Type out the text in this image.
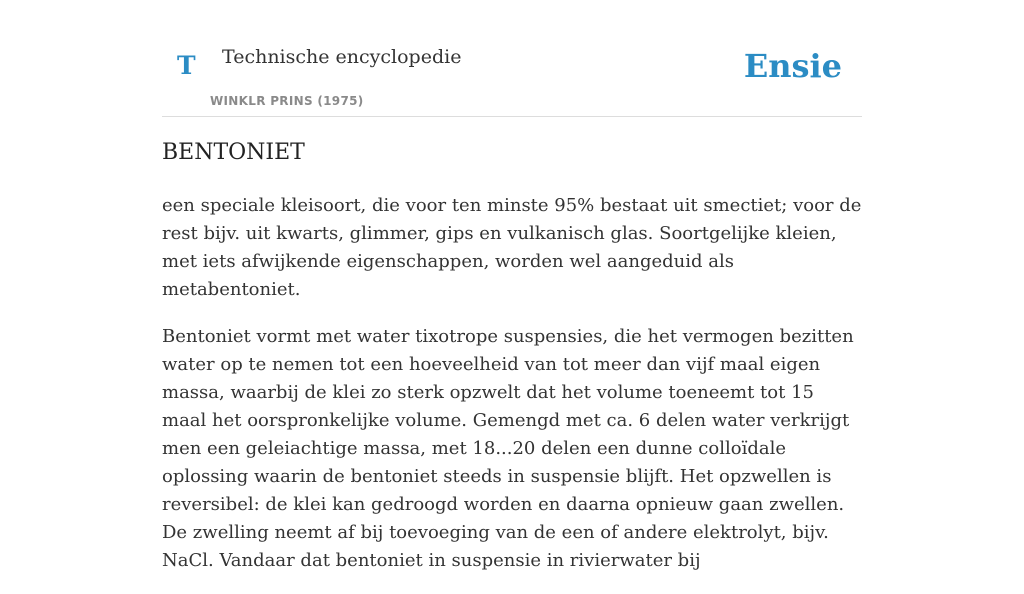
T Technische encyclopedie
WINKLR PRINS (1975)
Ensie
BENTONIET

een speciale kleisoort, die voor ten minste 95% bestaat uit smectiet; voor de rest bijv. uit kwarts, glimmer, gips en vulkanisch glas. Soortgelijke kleien, met iets afwijkende eigenschappen, worden wel aangeduid als metabentoniet.

Bentoniet vormt met water tixotrope suspensies, die het vermogen bezitten water op te nemen tot een hoeveelheid van tot meer dan vijf maal eigen massa, waarbij de klei zo sterk opzwelt dat het volume toeneemt tot 15 maal het oorspronkelijke volume. Gemengd met ca. 6 delen water verkrijgt men een geleiachtige massa, met 18...20 delen een dunne colloïdale oplossing waarin de bentoniet steeds in suspensie blijft. Het opzwellen is reversibel: de klei kan gedroogd worden en daarna opnieuw gaan zwellen. De zwelling neemt af bij toevoeging van de een of andere elektrolyt, bijv. NaCl. Vandaar dat bentoniet in suspensie in rivierwater bij
